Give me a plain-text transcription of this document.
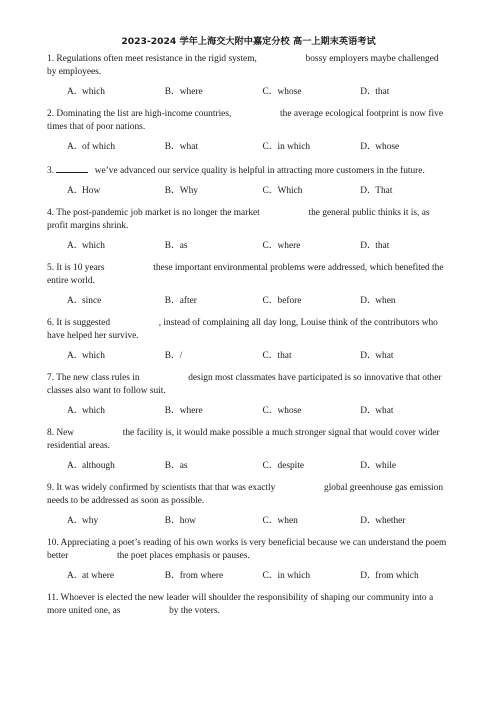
2023-2024 学年上海交大附中嘉定分校 高一上期末英语考试

1. Regulations often meet resistance in the rigid system,	bossy employers maybe challenged by employees.

A．
which	B． where	C． whose	D．
that

2. Dominating the list are high-income countries,	the average ecological footprint is now five times that of poor nations.

A．
of which	B． what	C． in which	D．
whose

3.	we’ve advanced our service quality is helpful in attracting more customers in the future.

A．
How	B． Why	C． Which	D．
That

4. The post-pandemic job market is no longer the market	the general public thinks it is, as profit margins shrink.

A．
which	B． as	C． where	D．
that

5. It is 10 years	these important environmental problems were addressed, which benefited the entire world.

A．
since	B． after	C． before	D．
when

6. It is suggested	, instead of complaining all day long, Louise think of the contributors who have helped her survive.

A．
which	B． /	C． that	D．
what

7. The new class rules in	design most classmates have participated is so innovative that other classes also want to follow suit.

A．
which	B． where	C． whose	D．
what

8. New	the facility is, it would make possible a much stronger signal that would cover wider residential areas.

A．
although	B． as	C． despite	D．
while

9. It was widely confirmed by scientists that that was exactly	global greenhouse gas emission needs to be addressed as soon as possible.

A．
why	B． how	C． when	D．
whether

10. Appreciating a poet’s reading of his own works is very beneficial because we can understand the poem better	the poet places emphasis or pauses.

A．
at where	B． from where	C． in which	D．
from which

11. Whoever is elected the new leader will shoulder the responsibility of shaping our community into a more united one, as	by the voters.
